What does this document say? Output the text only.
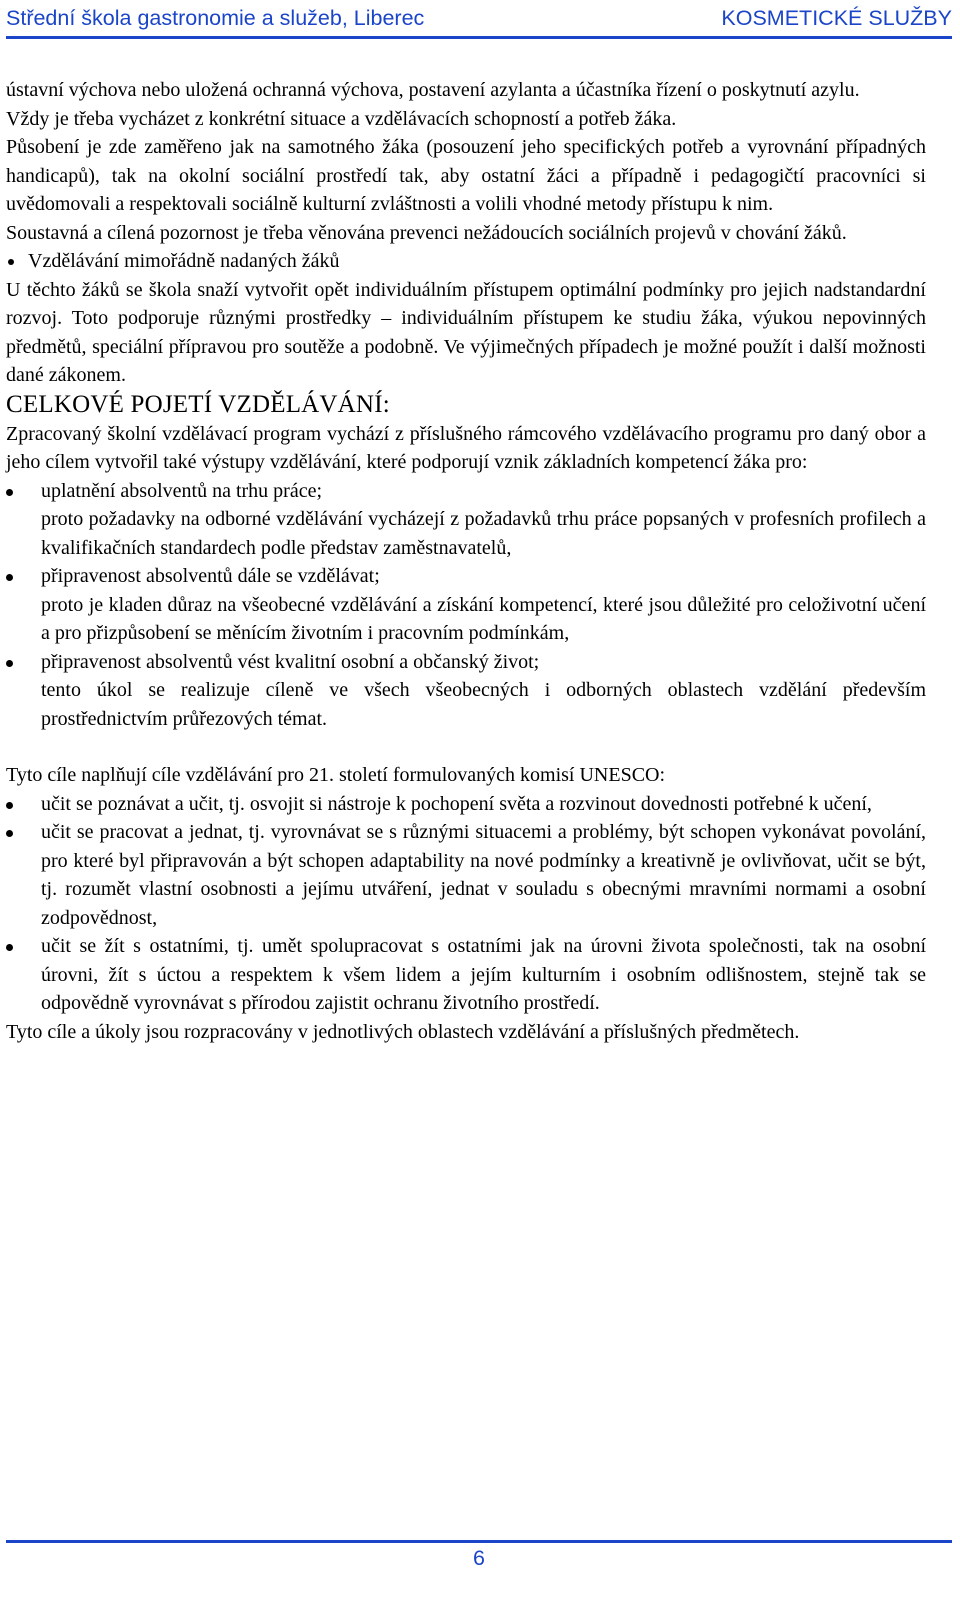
Střední škola gastronomie a služeb, Liberec	KOSMETICKÉ SLUŽBY

ústavní výchova nebo uložená ochranná výchova, postavení azylanta a účastníka řízení o poskytnutí azylu.

Vždy je třeba vycházet z konkrétní situace a vzdělávacích schopností a potřeb žáka.

Působení je zde zaměřeno jak na samotného žáka (posouzení jeho specifických potřeb a vyrovnání případných handicapů), tak na okolní sociální prostředí tak, aby ostatní žáci a případně i pedagogičtí pracovníci si uvědomovali a respektovali sociálně kulturní zvláštnosti a volili vhodné metody přístupu k nim.

Soustavná a cílená pozornost je třeba věnována prevenci nežádoucích sociálních projevů v chování žáků.

Vzdělávání mimořádně nadaných žáků

U těchto žáků se škola snaží vytvořit opět individuálním přístupem optimální podmínky pro jejich nadstandardní rozvoj. Toto podporuje různými prostředky – individuálním přístupem ke studiu žáka, výukou nepovinných předmětů, speciální přípravou pro soutěže a podobně. Ve výjimečných případech je možné použít i další možnosti dané zákonem.

CELKOVÉ POJETÍ VZDĚLÁVÁNÍ:

Zpracovaný školní vzdělávací program vychází z příslušného rámcového vzdělávacího programu pro daný obor a jeho cílem vytvořil také výstupy vzdělávání, které podporují vznik základních kompetencí žáka pro:

uplatnění absolventů na trhu práce;
proto požadavky na odborné vzdělávání vycházejí z požadavků trhu práce popsaných v profesních profilech a kvalifikačních standardech podle představ zaměstnavatelů,
připravenost absolventů dále se vzdělávat;
proto je kladen důraz na všeobecné vzdělávání a získání kompetencí, které jsou důležité pro celoživotní učení a pro přizpůsobení se měnícím životním i pracovním podmínkám,
připravenost absolventů vést kvalitní osobní a občanský život;
tento úkol se realizuje cíleně ve všech všeobecných i odborných oblastech vzdělání především prostřednictvím průřezových témat.

Tyto cíle naplňují cíle vzdělávání pro 21. století formulovaných komisí UNESCO:

učit se poznávat a učit, tj. osvojit si nástroje k pochopení světa a rozvinout dovednosti potřebné k učení,
učit se pracovat a jednat, tj. vyrovnávat se s různými situacemi a problémy, být schopen vykonávat povolání, pro které byl připravován a být schopen adaptability na nové podmínky a kreativně je ovlivňovat, učit se být, tj. rozumět vlastní osobnosti a jejímu utváření, jednat v souladu s obecnými mravními normami a osobní zodpovědnost,
učit se žít s ostatními, tj. umět spolupracovat s ostatními jak na úrovni života společnosti, tak na osobní úrovni, žít s úctou a respektem k všem lidem a jejím kulturním i osobním odlišnostem, stejně tak se odpovědně vyrovnávat s přírodou zajistit ochranu životního prostředí.

Tyto cíle a úkoly jsou rozpracovány v jednotlivých oblastech vzdělávání a příslušných předmětech.

6
